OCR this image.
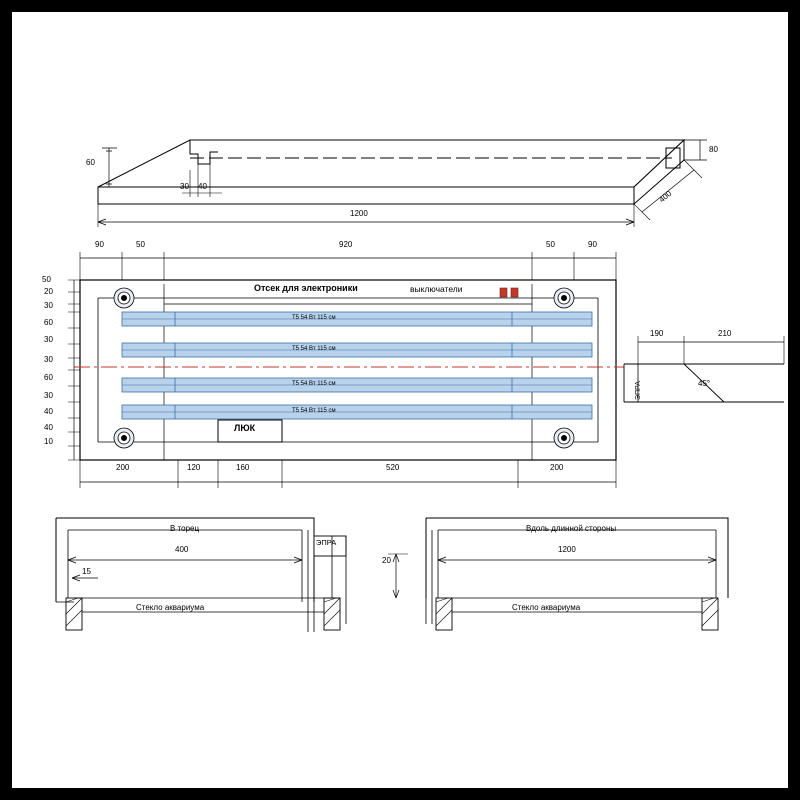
60
80
30 40
1200
400
90	50	920	50	90
50
20
30
60
30
30
60
30
40
40
10
200	120	160	520	200
Отсек для электроники	выключатели
ЛЮК
T5 54 Вт 115 см
T5 54 Вт 115 см
T5 54 Вт 115 см
T5 54 Вт 115 см
190	210
45°
ЭПРА
В торец
400
15
Стекло аквариума
ЭПРА
Вдоль длинной стороны
1200
20
Стекло аквариума
